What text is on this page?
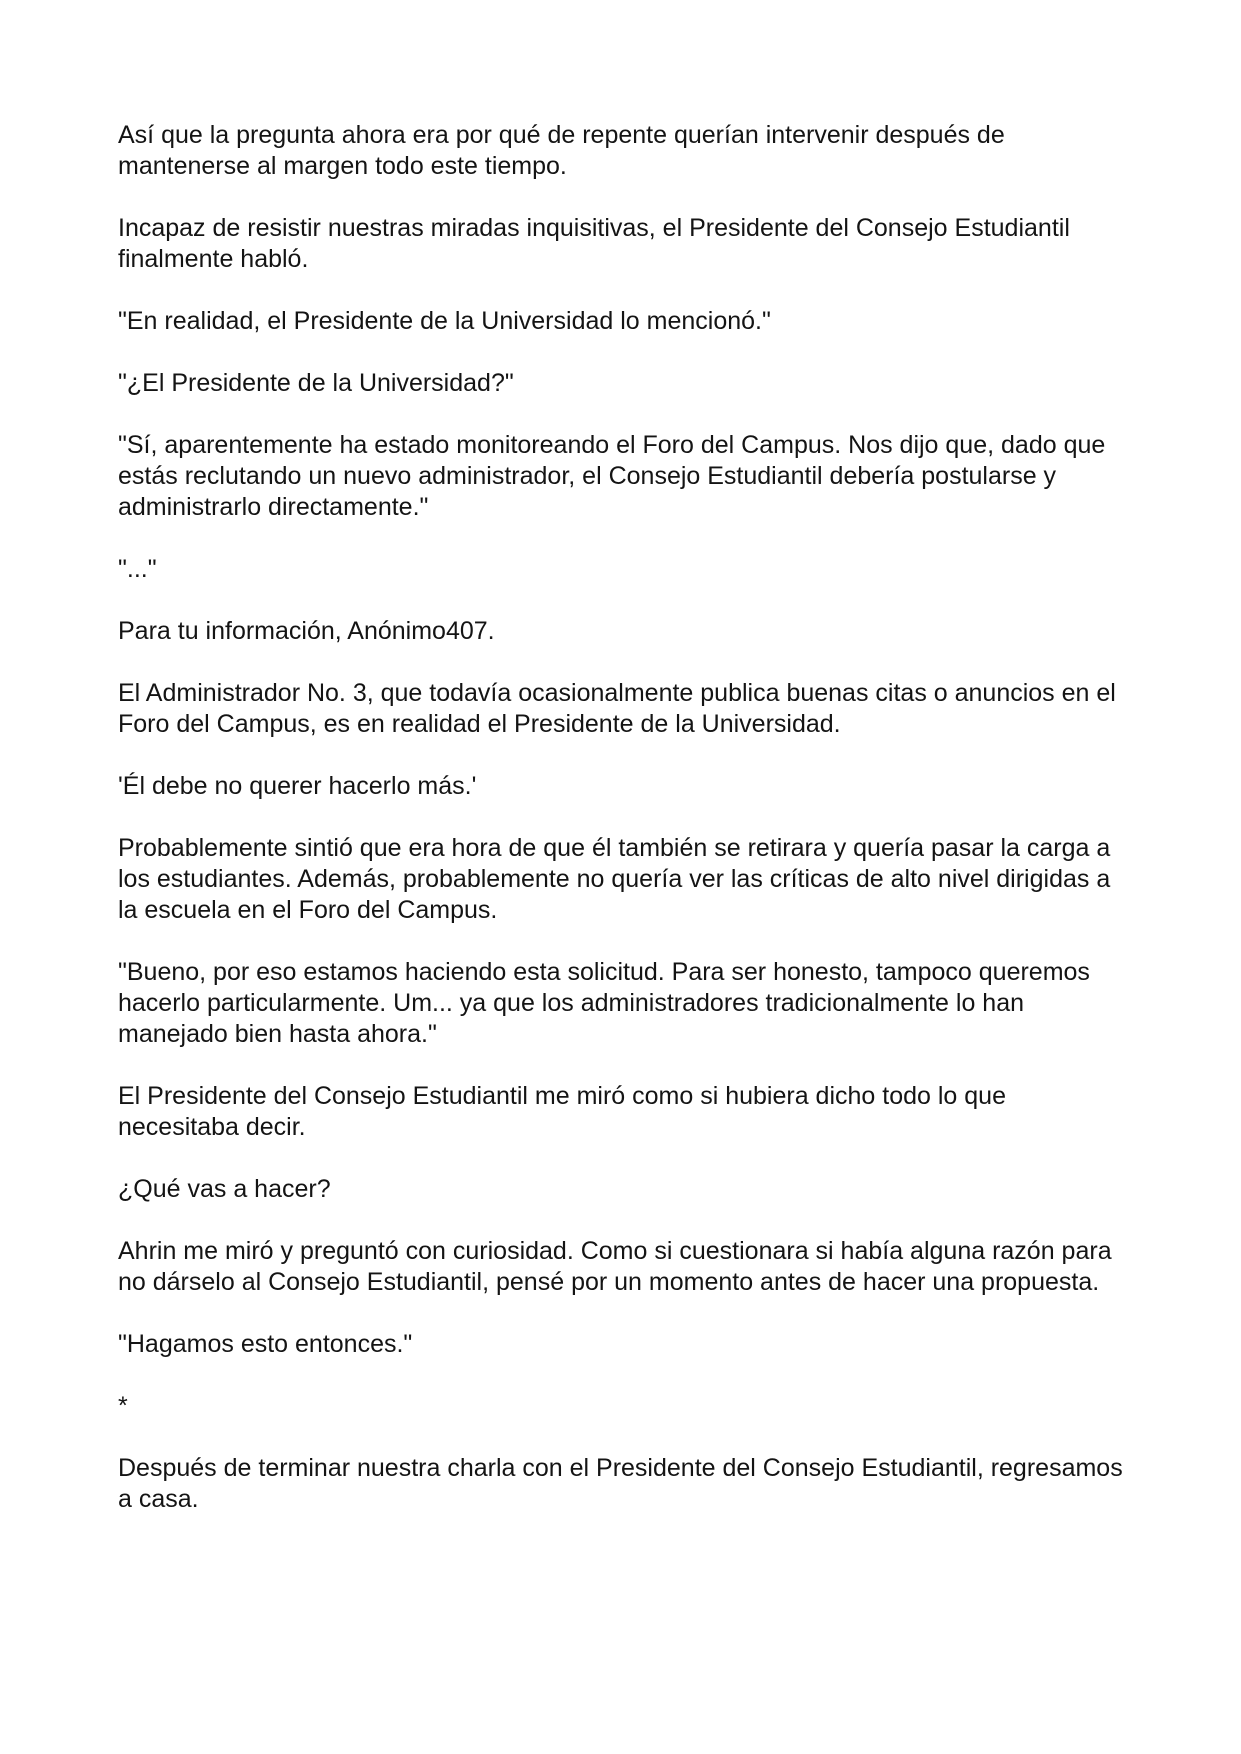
Así que la pregunta ahora era por qué de repente querían intervenir después de mantenerse al margen todo este tiempo.

Incapaz de resistir nuestras miradas inquisitivas, el Presidente del Consejo Estudiantil finalmente habló.

"En realidad, el Presidente de la Universidad lo mencionó."

"¿El Presidente de la Universidad?"

"Sí, aparentemente ha estado monitoreando el Foro del Campus. Nos dijo que, dado que estás reclutando un nuevo administrador, el Consejo Estudiantil debería postularse y administrarlo directamente."

"..."

Para tu información, Anónimo407.

El Administrador No. 3, que todavía ocasionalmente publica buenas citas o anuncios en el Foro del Campus, es en realidad el Presidente de la Universidad.

'Él debe no querer hacerlo más.'

Probablemente sintió que era hora de que él también se retirara y quería pasar la carga a los estudiantes. Además, probablemente no quería ver las críticas de alto nivel dirigidas a la escuela en el Foro del Campus.

"Bueno, por eso estamos haciendo esta solicitud. Para ser honesto, tampoco queremos hacerlo particularmente. Um... ya que los administradores tradicionalmente lo han manejado bien hasta ahora."

El Presidente del Consejo Estudiantil me miró como si hubiera dicho todo lo que necesitaba decir.

¿Qué vas a hacer?

Ahrin me miró y preguntó con curiosidad. Como si cuestionara si había alguna razón para no dárselo al Consejo Estudiantil, pensé por un momento antes de hacer una propuesta.

"Hagamos esto entonces."

*

Después de terminar nuestra charla con el Presidente del Consejo Estudiantil, regresamos a casa.
